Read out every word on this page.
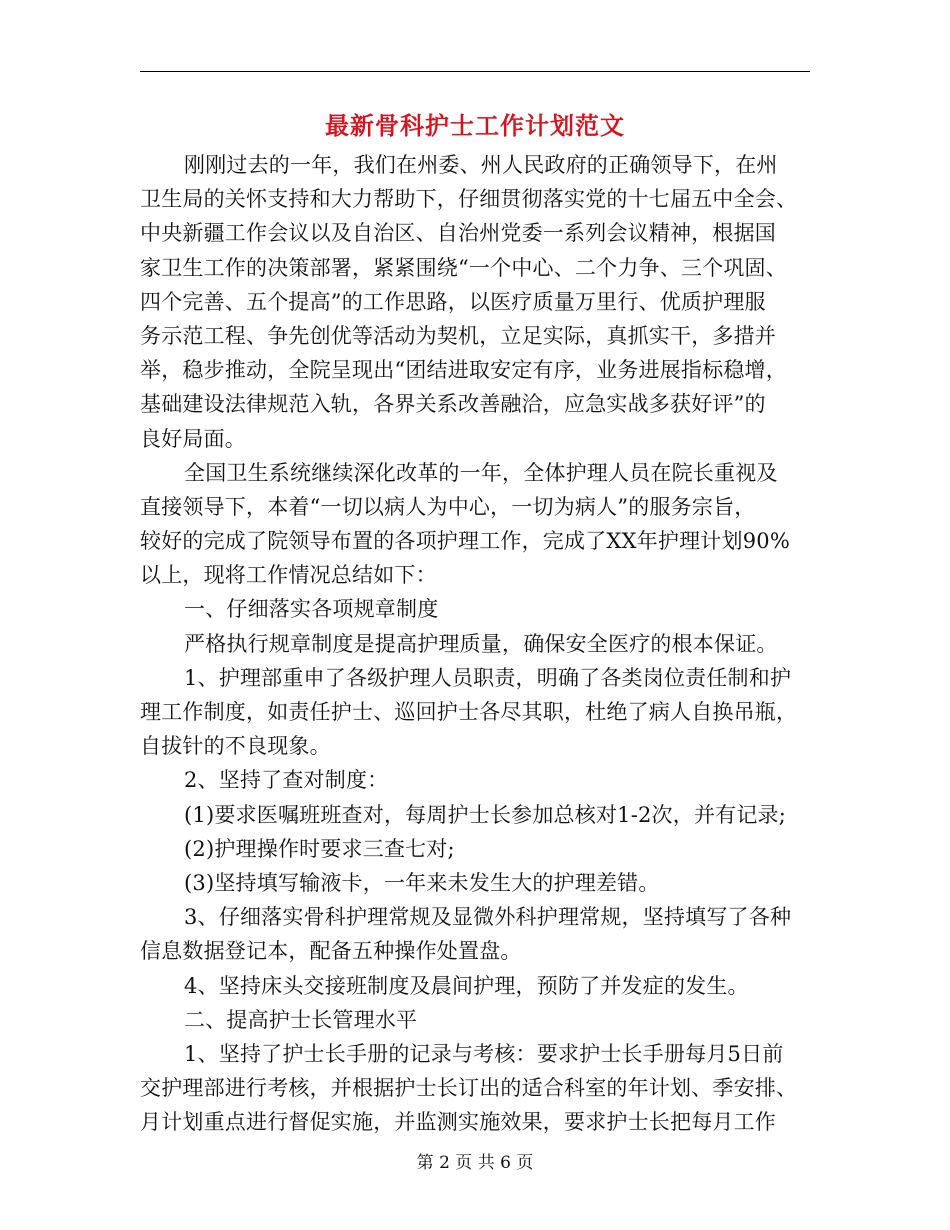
最新骨科护士工作计划范文
刚刚过去的一年，我们在州委、州人民政府的正确领导下，在州
卫生局的关怀支持和大力帮助下，仔细贯彻落实党的十七届五中全会、
中央新疆工作会议以及自治区、自治州党委一系列会议精神，根据国
家卫生工作的决策部署，紧紧围绕“一个中心、二个力争、三个巩固、
四个完善、五个提高”的工作思路，以医疗质量万里行、优质护理服
务示范工程、争先创优等活动为契机，立足实际，真抓实干，多措并
举，稳步推动，全院呈现出“团结进取安定有序，业务进展指标稳增，
基础建设法律规范入轨，各界关系改善融洽，应急实战多获好评”的
良好局面。
全国卫生系统继续深化改革的一年，全体护理人员在院长重视及
直接领导下，本着“一切以病人为中心，一切为病人”的服务宗旨，
较好的完成了院领导布置的各项护理工作，完成了XX年护理计划90%
以上，现将工作情况总结如下：
一、仔细落实各项规章制度
严格执行规章制度是提高护理质量，确保安全医疗的根本保证。
1、护理部重申了各级护理人员职责，明确了各类岗位责任制和护
理工作制度，如责任护士、巡回护士各尽其职，杜绝了病人自换吊瓶，
自拔针的不良现象。
2、坚持了查对制度：
(1)要求医嘱班班查对，每周护士长参加总核对1-2次，并有记录;
(2)护理操作时要求三查七对;
(3)坚持填写输液卡，一年来未发生大的护理差错。
3、仔细落实骨科护理常规及显微外科护理常规，坚持填写了各种
信息数据登记本，配备五种操作处置盘。
4、坚持床头交接班制度及晨间护理，预防了并发症的发生。
二、提高护士长管理水平
1、坚持了护士长手册的记录与考核：要求护士长手册每月5日前
交护理部进行考核，并根据护士长订出的适合科室的年计划、季安排、
月计划重点进行督促实施，并监测实施效果，要求护士长把每月工作
第 2 页 共 6 页
